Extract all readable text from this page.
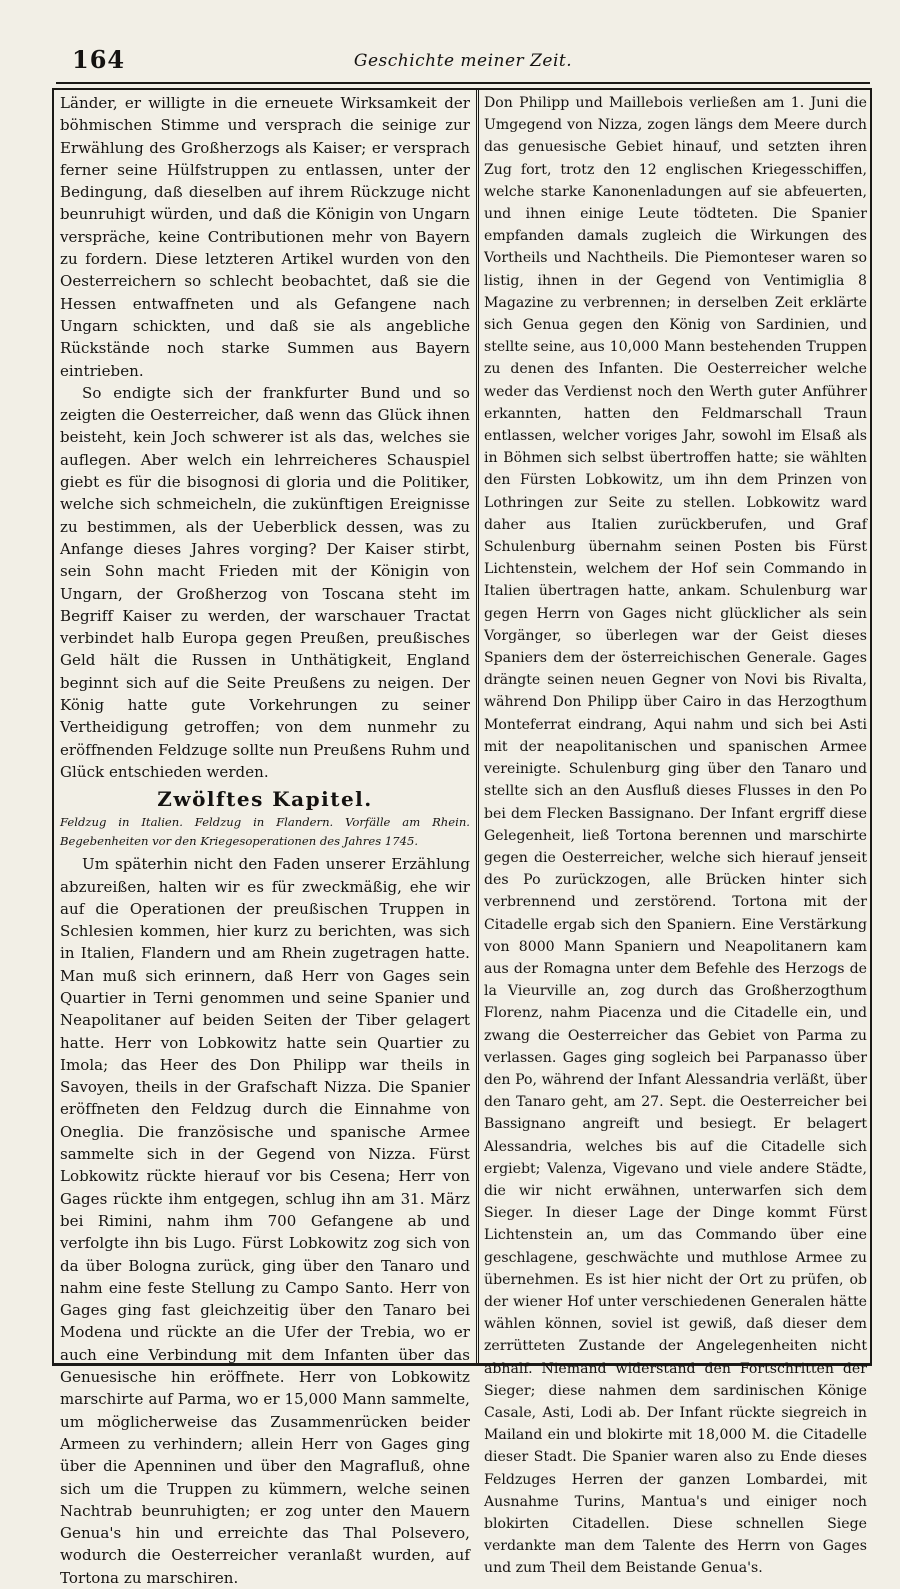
164	Geschichte meiner Zeit.

Länder, er willigte in die erneuete Wirksamkeit der böhmischen Stimme und versprach die seinige zur Erwählung des Großherzogs als Kaiser; er versprach ferner seine Hülfstruppen zu entlassen, unter der Bedingung, daß dieselben auf ihrem Rückzuge nicht beunruhigt würden, und daß die Königin von Ungarn verspräche, keine Contributionen mehr von Bayern zu fordern. Diese letzteren Artikel wurden von den Oesterreichern so schlecht beobachtet, daß sie die Hessen entwaffneten und als Gefangene nach Ungarn schickten, und daß sie als angebliche Rückstände noch starke Summen aus Bayern eintrieben.

So endigte sich der frankfurter Bund und so zeigten die Oesterreicher, daß wenn das Glück ihnen beisteht, kein Joch schwerer ist als das, welches sie auflegen. Aber welch ein lehrreicheres Schauspiel giebt es für die bisognosi di gloria und die Politiker, welche sich schmeicheln, die zukünftigen Ereignisse zu bestimmen, als der Ueberblick dessen, was zu Anfange dieses Jahres vorging? Der Kaiser stirbt, sein Sohn macht Frieden mit der Königin von Ungarn, der Großherzog von Toscana steht im Begriff Kaiser zu werden, der warschauer Tractat verbindet halb Europa gegen Preußen, preußisches Geld hält die Russen in Unthätigkeit, England beginnt sich auf die Seite Preußens zu neigen. Der König hatte gute Vorkehrungen zu seiner Vertheidigung getroffen; von dem nunmehr zu eröffnenden Feldzuge sollte nun Preußens Ruhm und Glück entschieden werden.

Zwölftes Kapitel.
Feldzug in Italien. Feldzug in Flandern. Vorfälle am Rhein. Begebenheiten vor den Kriegesoperationen des Jahres 1745.

Um späterhin nicht den Faden unserer Erzählung abzureißen, halten wir es für zweckmäßig, ehe wir auf die Operationen der preußischen Truppen in Schlesien kommen, hier kurz zu berichten, was sich in Italien, Flandern und am Rhein zugetragen hatte. Man muß sich erinnern, daß Herr von Gages sein Quartier in Terni genommen und seine Spanier und Neapolitaner auf beiden Seiten der Tiber gelagert hatte. Herr von Lobkowitz hatte sein Quartier zu Imola; das Heer des Don Philipp war theils in Savoyen, theils in der Grafschaft Nizza. Die Spanier eröffneten den Feldzug durch die Einnahme von Oneglia. Die französische und spanische Armee sammelte sich in der Gegend von Nizza. Fürst Lobkowitz rückte hierauf vor bis Cesena; Herr von Gages rückte ihm entgegen, schlug ihn am 31. März bei Rimini, nahm ihm 700 Gefangene ab und verfolgte ihn bis Lugo. Fürst Lobkowitz zog sich von da über Bologna zurück, ging über den Tanaro und nahm eine feste Stellung zu Campo Santo. Herr von Gages ging fast gleichzeitig über den Tanaro bei Modena und rückte an die Ufer der Trebia, wo er auch eine Verbindung mit dem Infanten über das Genuesische hin eröffnete. Herr von Lobkowitz marschirte auf Parma, wo er 15,000 Mann sammelte, um möglicherweise das Zusammenrücken beider Armeen zu verhindern; allein Herr von Gages ging über die Apenninen und über den Magrafluß, ohne sich um die Truppen zu kümmern, welche seinen Nachtrab beunruhigten; er zog unter den Mauern Genua's hin und erreichte das Thal Polsevero, wodurch die Oesterreicher veranlaßt wurden, auf Tortona zu marschiren.

Don Philipp und Maillebois verließen am 1. Juni die Umgegend von Nizza, zogen längs dem Meere durch das genuesische Gebiet hinauf, und setzten ihren Zug fort, trotz den 12 englischen Kriegesschiffen, welche starke Kanonenladungen auf sie abfeuerten, und ihnen einige Leute tödteten. Die Spanier empfanden damals zugleich die Wirkungen des Vortheils und Nachtheils. Die Piemonteser waren so listig, ihnen in der Gegend von Ventimiglia 8 Magazine zu verbrennen; in derselben Zeit erklärte sich Genua gegen den König von Sardinien, und stellte seine, aus 10,000 Mann bestehenden Truppen zu denen des Infanten. Die Oesterreicher welche weder das Verdienst noch den Werth guter Anführer erkannten, hatten den Feldmarschall Traun entlassen, welcher voriges Jahr, sowohl im Elsaß als in Böhmen sich selbst übertroffen hatte; sie wählten den Fürsten Lobkowitz, um ihn dem Prinzen von Lothringen zur Seite zu stellen. Lobkowitz ward daher aus Italien zurückberufen, und Graf Schulenburg übernahm seinen Posten bis Fürst Lichtenstein, welchem der Hof sein Commando in Italien übertragen hatte, ankam. Schulenburg war gegen Herrn von Gages nicht glücklicher als sein Vorgänger, so überlegen war der Geist dieses Spaniers dem der österreichischen Generale. Gages drängte seinen neuen Gegner von Novi bis Rivalta, während Don Philipp über Cairo in das Herzogthum Monteferrat eindrang, Aqui nahm und sich bei Asti mit der neapolitanischen und spanischen Armee vereinigte. Schulenburg ging über den Tanaro und stellte sich an den Ausfluß dieses Flusses in den Po bei dem Flecken Bassignano. Der Infant ergriff diese Gelegenheit, ließ Tortona berennen und marschirte gegen die Oesterreicher, welche sich hierauf jenseit des Po zurückzogen, alle Brücken hinter sich verbrennend und zerstörend. Tortona mit der Citadelle ergab sich den Spaniern. Eine Verstärkung von 8000 Mann Spaniern und Neapolitanern kam aus der Romagna unter dem Befehle des Herzogs de la Vieurville an, zog durch das Großherzogthum Florenz, nahm Piacenza und die Citadelle ein, und zwang die Oesterreicher das Gebiet von Parma zu verlassen. Gages ging sogleich bei Parpanasso über den Po, während der Infant Alessandria verläßt, über den Tanaro geht, am 27. Sept. die Oesterreicher bei Bassignano angreift und besiegt. Er belagert Alessandria, welches bis auf die Citadelle sich ergiebt; Valenza, Vigevano und viele andere Städte, die wir nicht erwähnen, unterwarfen sich dem Sieger. In dieser Lage der Dinge kommt Fürst Lichtenstein an, um das Commando über eine geschlagene, geschwächte und muthlose Armee zu übernehmen. Es ist hier nicht der Ort zu prüfen, ob der wiener Hof unter verschiedenen Generalen hätte wählen können, soviel ist gewiß, daß dieser dem zerrütteten Zustande der Angelegenheiten nicht abhalf. Niemand widerstand den Fortschritten der Sieger; diese nahmen dem sardinischen Könige Casale, Asti, Lodi ab. Der Infant rückte siegreich in Mailand ein und blokirte mit 18,000 M. die Citadelle dieser Stadt. Die Spanier waren also zu Ende dieses Feldzuges Herren der ganzen Lombardei, mit Ausnahme Turins, Mantua's und einiger noch blokirten Citadellen. Diese schnellen Siege verdankte man dem Talente des Herrn von Gages und zum Theil dem Beistande Genua's.
